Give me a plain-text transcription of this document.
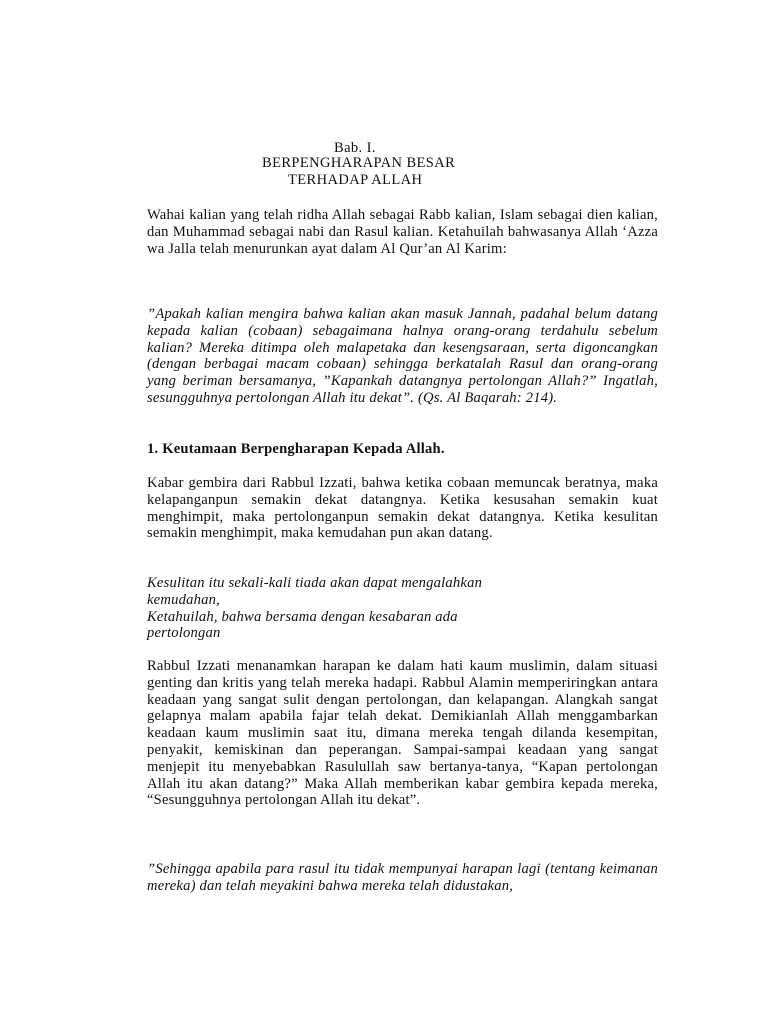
Bab. I.
BERPENGHARAPAN BESAR
TERHADAP ALLAH

Wahai kalian yang telah ridha Allah sebagai Rabb kalian, Islam sebagai dien kalian, dan Muhammad sebagai nabi dan Rasul kalian. Ketahuilah bahwasanya Allah ‘Azza wa Jalla telah menurunkan ayat dalam Al Qur’an Al Karim:

”Apakah kalian mengira bahwa kalian akan masuk Jannah, padahal belum datang kepada kalian (cobaan) sebagaimana halnya orang-orang terdahulu sebelum kalian? Mereka ditimpa oleh malapetaka dan kesengsaraan, serta digoncangkan (dengan berbagai macam cobaan) sehingga berkatalah Rasul dan orang-orang yang beriman bersamanya, ”Kapankah datangnya pertolongan Allah?” Ingatlah, sesungguhnya pertolongan Allah itu dekat”. (Qs. Al Baqarah: 214).

1. Keutamaan Berpengharapan Kepada Allah.

Kabar gembira dari Rabbul Izzati, bahwa ketika cobaan memuncak beratnya, maka kelapanganpun semakin dekat datangnya. Ketika kesusahan semakin kuat menghimpit, maka pertolonganpun semakin dekat datangnya. Ketika kesulitan semakin menghimpit, maka kemudahan pun akan datang.

Kesulitan itu sekali-kali tiada akan dapat mengalahkan
kemudahan,
Ketahuilah, bahwa bersama dengan kesabaran ada
pertolongan

Rabbul Izzati menanamkan harapan ke dalam hati kaum muslimin, dalam situasi genting dan kritis yang telah mereka hadapi. Rabbul Alamin memperiringkan antara keadaan yang sangat sulit dengan pertolongan, dan kelapangan. Alangkah sangat gelapnya malam apabila fajar telah dekat. Demikianlah Allah menggambarkan keadaan kaum muslimin saat itu, dimana mereka tengah dilanda kesempitan, penyakit, kemiskinan dan peperangan. Sampai-sampai keadaan yang sangat menjepit itu menyebabkan Rasulullah saw bertanya-tanya, “Kapan pertolongan Allah itu akan datang?” Maka Allah memberikan kabar gembira kepada mereka, “Sesungguhnya pertolongan Allah itu dekat”.

”Sehingga apabila para rasul itu tidak mempunyai harapan lagi (tentang keimanan mereka) dan telah meyakini bahwa mereka telah didustakan,
